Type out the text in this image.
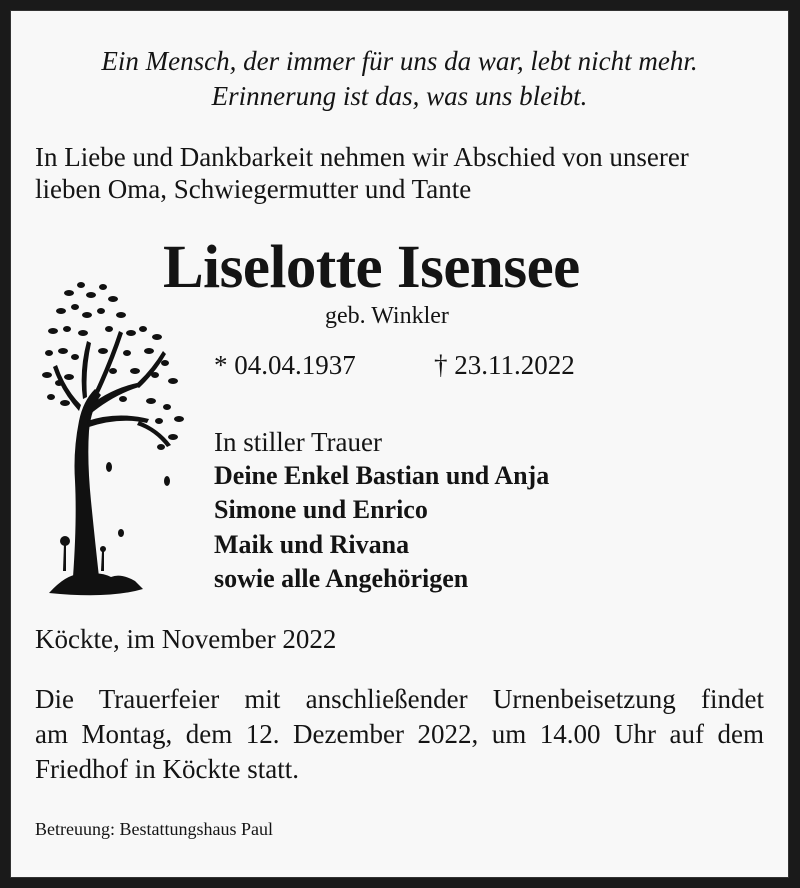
Ein Mensch, der immer für uns da war, lebt nicht mehr.
Erinnerung ist das, was uns bleibt.
In Liebe und Dankbarkeit nehmen wir Abschied von unserer
lieben Oma, Schwiegermutter und Tante
Liselotte Isensee
geb. Winkler
* 04.04.1937	† 23.11.2022
In stiller Trauer
Deine Enkel Bastian und Anja
Simone und Enrico
Maik und Rivana
sowie alle Angehörigen
Köckte, im November 2022
Die Trauerfeier mit anschließender Urnenbeisetzung findet
am Montag, dem 12. Dezember 2022, um 14.00 Uhr auf dem
Friedhof in Köckte statt.
Betreuung: Bestattungshaus Paul
